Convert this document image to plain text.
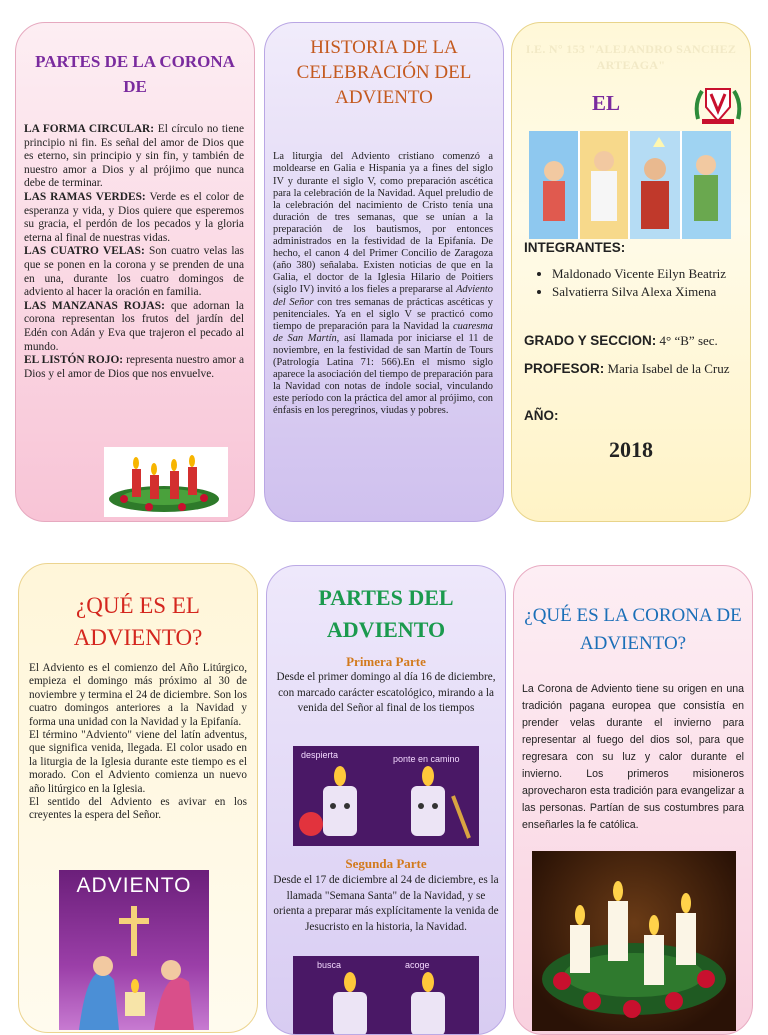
PARTES DE LA CORONA DE

LA FORMA CIRCULAR: El círculo no tiene principio ni fin. Es señal del amor de Dios que es eterno, sin principio y sin fin, y también de nuestro amor a Dios y al prójimo que nunca debe de terminar.

LAS RAMAS VERDES: Verde es el color de esperanza y vida, y Dios quiere que esperemos su gracia, el perdón de los pecados y la gloria eterna al final de nuestras vidas.

LAS CUATRO VELAS: Son cuatro velas las que se ponen en la corona y se prenden de una en una, durante los cuatro domingos de adviento al hacer la oración en familia.

LAS MANZANAS ROJAS: que adornan la corona representan los frutos del jardín del Edén con Adán y Eva que trajeron el pecado al mundo.

EL LISTÓN ROJO: representa nuestro amor a Dios y el amor de Dios que nos envuelve.

HISTORIA DE LA CELEBRACIÓN DEL ADVIENTO

La liturgia del Adviento cristiano comenzó a moldearse en Galia e Hispania ya a fines del siglo IV y durante el siglo V, como preparación ascética para la celebración de la Navidad. Aquel preludio de la celebración del nacimiento de Cristo tenía una duración de tres semanas, que se unían a la preparación de los bautismos, por entonces administrados en la festividad de la Epifanía. De hecho, el canon 4 del Primer Concilio de Zaragoza (año 380) señalaba. Existen noticias de que en la Galia, el doctor de la Iglesia Hilario de Poitiers (siglo IV) invitó a los fieles a prepararse al Adviento del Señor con tres semanas de prácticas ascéticas y penitenciales. Ya en el siglo V se practicó como tiempo de preparación para la Navidad la cuaresma de San Martín, así llamada por iniciarse el 11 de noviembre, en la festividad de san Martín de Tours (Patrología Latina 71: 566).En el mismo siglo aparece la asociación del tiempo de preparación para la Navidad con notas de índole social, vinculando este período con la práctica del amor al prójimo, con énfasis en los peregrinos, viudas y pobres.

I.E. N° 153 "ALEJANDRO SANCHEZ ARTEAGA"
EL
INTEGRANTES:
• Maldonado Vicente Eilyn Beatriz
• Salvatierra Silva Alexa Ximena
GRADO Y SECCION: 4° “B” sec.
PROFESOR: Maria Isabel de la Cruz
AÑO:
2018
¿QUÉ ES EL ADVIENTO?

El Adviento es el comienzo del Año Litúrgico, empieza el domingo más próximo al 30 de noviembre y termina el 24 de diciembre. Son los cuatro domingos anteriores a la Navidad y forma una unidad con la Navidad y la Epifanía.

El término "Adviento" viene del latín adventus, que significa venida, llegada. El color usado en la liturgia de la Iglesia durante este tiempo es el morado. Con el Adviento comienza un nuevo año litúrgico en la Iglesia.

El sentido del Adviento es avivar en los creyentes la espera del Señor.

ADVIENTO
PARTES DEL ADVIENTO

Primera Parte

Desde el primer domingo al día 16 de diciembre, con marcado carácter escatológico, mirando a la venida del Señor al final de los tiempos

despierta	ponte en camino

Segunda Parte

Desde el 17 de diciembre al 24 de diciembre, es la llamada "Semana Santa" de la Navidad, y se orienta a preparar más explícitamente la venida de Jesucristo en la historia, la Navidad.

busca	acoge
¿QUÉ ES LA CORONA DE ADVIENTO?

La Corona de Adviento tiene su origen en una tradición pagana europea que consistía en prender velas durante el invierno para representar al fuego del dios sol, para que regresara con su luz y calor durante el invierno. Los primeros misioneros aprovecharon esta tradición para evangelizar a las personas. Partían de sus costumbres para enseñarles la fe católica.
